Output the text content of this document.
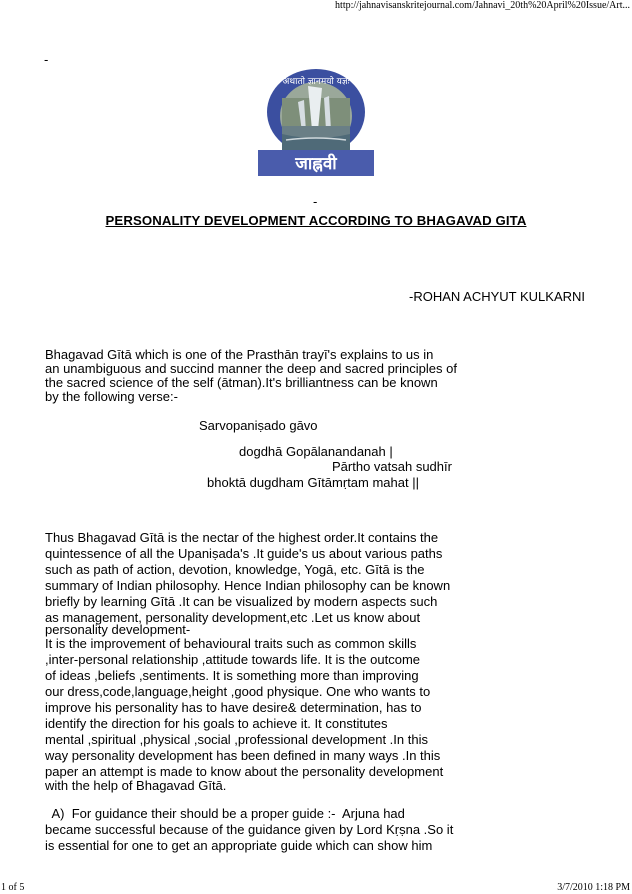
http://jahnavisanskritejournal.com/Jahnavi_20th%20April%20Issue/Art...
-
अथातो ज्ञानमयो यज्ञः
जाह्नवी
-
PERSONALITY DEVELOPMENT ACCORDING TO BHAGAVAD GITA
-ROHAN ACHYUT KULKARNI
Bhagavad Gītā which is one of the Prasthān trayī's explains to us in
an unambiguous and succind manner the deep and sacred principles of
the sacred science of the self (ātman).It's brilliantness can be known
by the following verse:-
Sarvopaniṣado gāvo
dogdhā Gopālanandanah |
Pārtho vatsah sudhīr
bhoktā dugdham Gītāmṛtam mahat ||
Thus Bhagavad Gītā is the nectar of the highest order.It contains the
quintessence of all the Upaniṣada's .It guide's us about various paths
such as path of action, devotion, knowledge, Yogā, etc. Gītā is the
summary of Indian philosophy. Hence Indian philosophy can be known
briefly by learning Gītā .It can be visualized by modern aspects such
as management, personality development,etc .Let us know about
personality development-
It is the improvement of behavioural traits such as common skills
,inter-personal relationship ,attitude towards life. It is the outcome
of ideas ,beliefs ,sentiments. It is something more than improving
our dress,code,language,height ,good physique. One who wants to
improve his personality has to have desire& determination, has to
identify the direction for his goals to achieve it. It constitutes
mental ,spiritual ,physical ,social ,professional development .In this
way personality development has been defined in many ways .In this
paper an attempt is made to know about the personality development
with the help of Bhagavad Gītā.
A)  For guidance their should be a proper guide :-  Arjuna had
became successful because of the guidance given by Lord Kṛṣna .So it
is essential for one to get an appropriate guide which can show him
1 of 5	3/7/2010 1:18 PM
